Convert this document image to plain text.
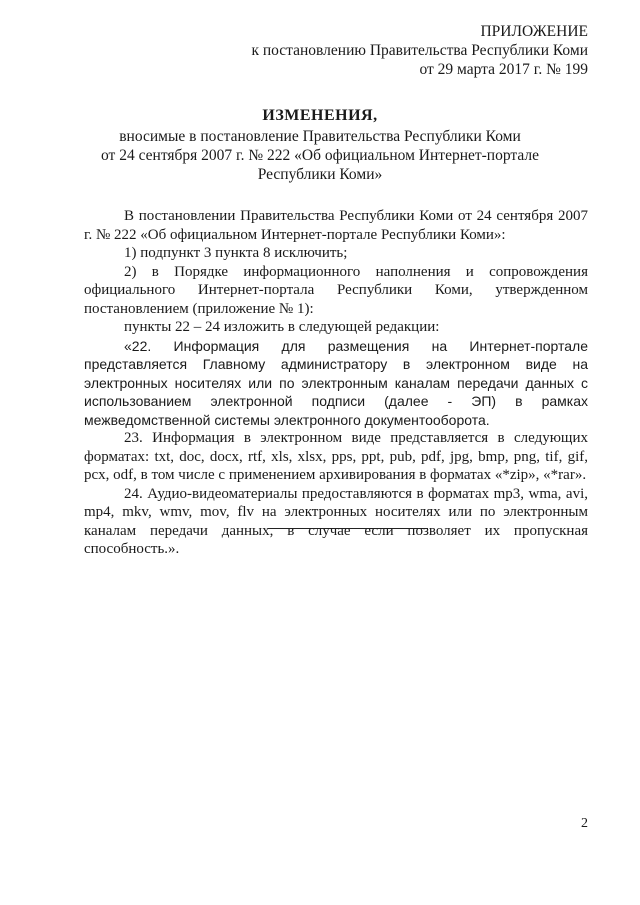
ПРИЛОЖЕНИЕ
к постановлению Правительства Республики Коми
от 29 марта 2017 г. № 199
ИЗМЕНЕНИЯ,
вносимые в постановление Правительства Республики Коми
от 24 сентября 2007 г. № 222 «Об официальном Интернет-портале
Республики Коми»

В постановлении Правительства Республики Коми от 24 сентября 2007 г. № 222 «Об официальном Интернет-портале Республики Коми»:

1) подпункт 3 пункта 8 исключить;

2) в Порядке информационного наполнения и сопровождения официального Интернет-портала Республики Коми, утвержденном постановлением (приложение № 1):

пункты 22 – 24 изложить в следующей редакции:

«22. Информация для размещения на Интернет-портале представляется Главному администратору в электронном виде на электронных носителях или по электронным каналам передачи данных с использованием электронной подписи (далее - ЭП) в рамках межведомственной системы электронного документооборота.

23. Информация в электронном виде представляется в следующих форматах: txt, doc, docx, rtf, xls, xlsx, pps, ppt, pub, pdf, jpg, bmp, png, tif, gif, pcx, odf, в том числе с применением архивирования в форматах «*zip», «*rar».

24. Аудио-видеоматериалы предоставляются в форматах mp3, wma, avi, mp4, mkv, wmv, mov, flv на электронных носителях или по электронным каналам передачи данных, в случае если позволяет их пропускная способность.».

2
